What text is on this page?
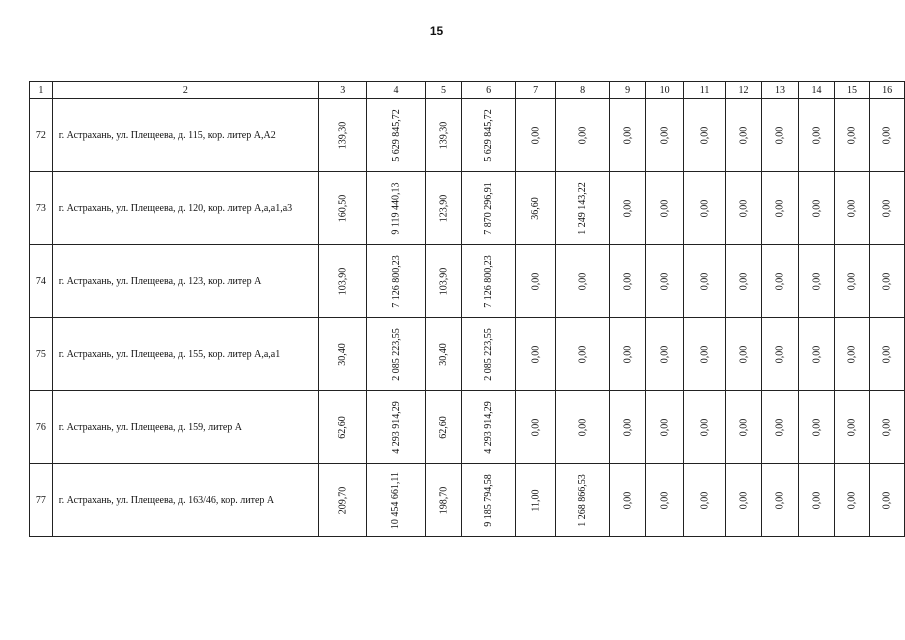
15
1	2	3	4	5	6	7	8	9	10	11	12	13	14	15	16
72	г. Астрахань, ул. Плещеева, д. 115, кор. литер А,А2	139,30	5 629 845,72	139,30	5 629 845,72	0,00	0,00	0,00	0,00	0,00	0,00	0,00	0,00	0,00	0,00
73	г. Астрахань, ул. Плещеева, д. 120, кор. литер А,а,а1,а3	160,50	9 119 440,13	123,90	7 870 296,91	36,60	1 249 143,22	0,00	0,00	0,00	0,00	0,00	0,00	0,00	0,00
74	г. Астрахань, ул. Плещеева, д. 123, кор. литер А	103,90	7 126 800,23	103,90	7 126 800,23	0,00	0,00	0,00	0,00	0,00	0,00	0,00	0,00	0,00	0,00
75	г. Астрахань, ул. Плещеева, д. 155, кор. литер А,а,а1	30,40	2 085 223,55	30,40	2 085 223,55	0,00	0,00	0,00	0,00	0,00	0,00	0,00	0,00	0,00	0,00
76	г. Астрахань, ул. Плещеева, д. 159, литер А	62,60	4 293 914,29	62,60	4 293 914,29	0,00	0,00	0,00	0,00	0,00	0,00	0,00	0,00	0,00	0,00
77	г. Астрахань, ул. Плещеева, д. 163/46, кор. литер А	209,70	10 454 661,11	198,70	9 185 794,58	11,00	1 268 866,53	0,00	0,00	0,00	0,00	0,00	0,00	0,00	0,00
